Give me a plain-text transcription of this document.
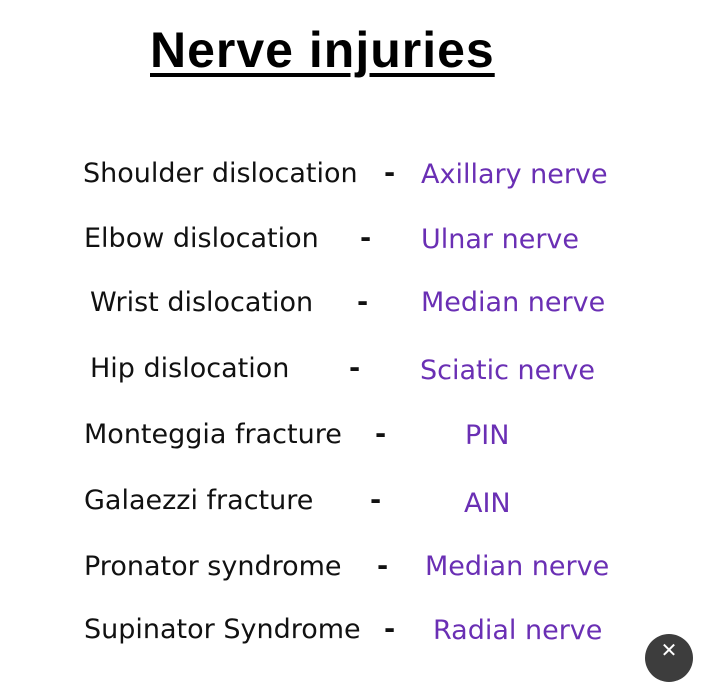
Nerve injuries
Shoulder dislocation - Axillary nerve
Elbow dislocation - Ulnar nerve
Wrist dislocation - Median nerve
Hip dislocation - Sciatic nerve
Monteggia fracture -	PIN
Galaezzi fracture -	AIN
Pronator syndrome - Median nerve
Supinator Syndrome - Radial nerve
✕
